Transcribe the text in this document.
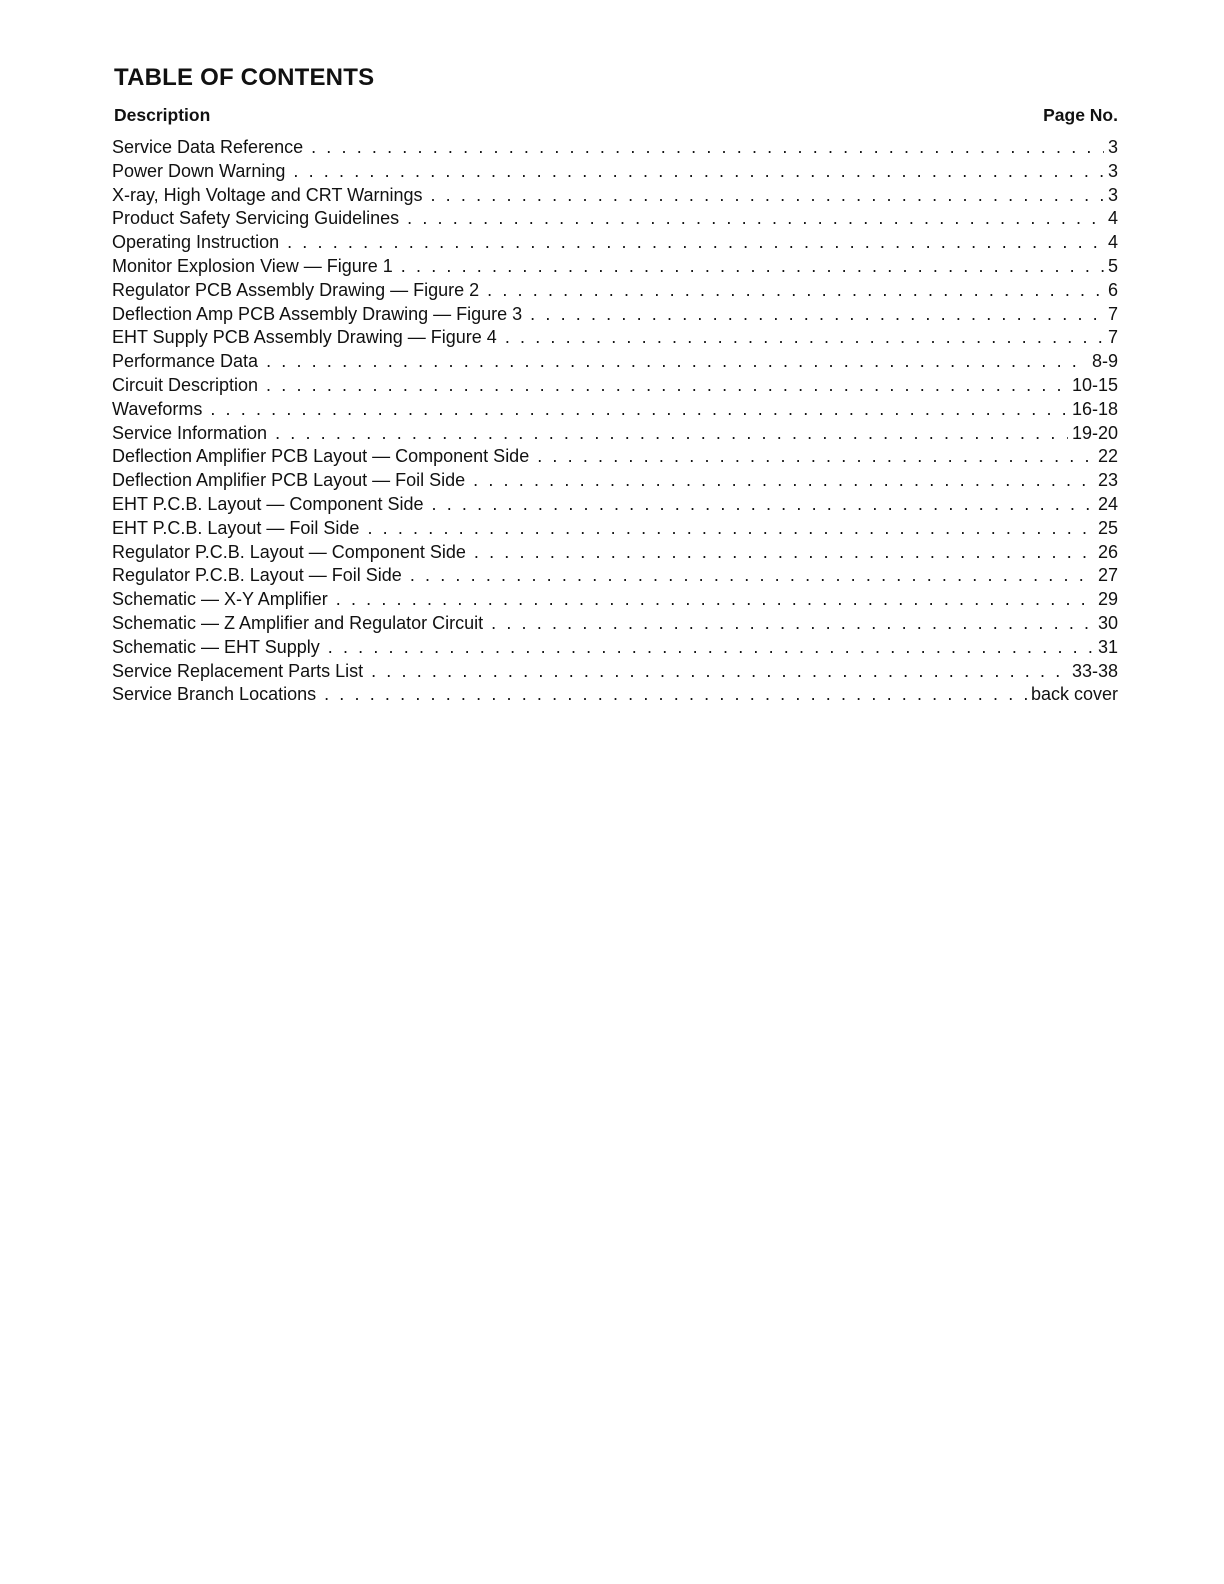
TABLE OF CONTENTS
Description	Page No.
Service Data Reference . . .	3
Power Down Warning . . .	3
X-ray, High Voltage and CRT Warnings . . .	3
Product Safety Servicing Guidelines . . .	4
Operating Instruction . . .	4
Monitor Explosion View — Figure 1 . . .	5
Regulator PCB Assembly Drawing — Figure 2 . . .	6
Deflection Amp PCB Assembly Drawing — Figure 3 . . .	7
EHT Supply PCB Assembly Drawing — Figure 4 . . .	7
Performance Data . . .	8-9
Circuit Description . . .	10-15
Waveforms . . .	16-18
Service Information . . .	19-20
Deflection Amplifier PCB Layout — Component Side . . .	22
Deflection Amplifier PCB Layout — Foil Side . . .	23
EHT P.C.B. Layout — Component Side . . .	24
EHT P.C.B. Layout — Foil Side . . .	25
Regulator P.C.B. Layout — Component Side . . .	26
Regulator P.C.B. Layout — Foil Side . . .	27
Schematic — X-Y Amplifier . . .	29
Schematic — Z Amplifier and Regulator Circuit . . .	30
Schematic — EHT Supply . . .	31
Service Replacement Parts List . . .	33-38
Service Branch Locations . . .	back cover
